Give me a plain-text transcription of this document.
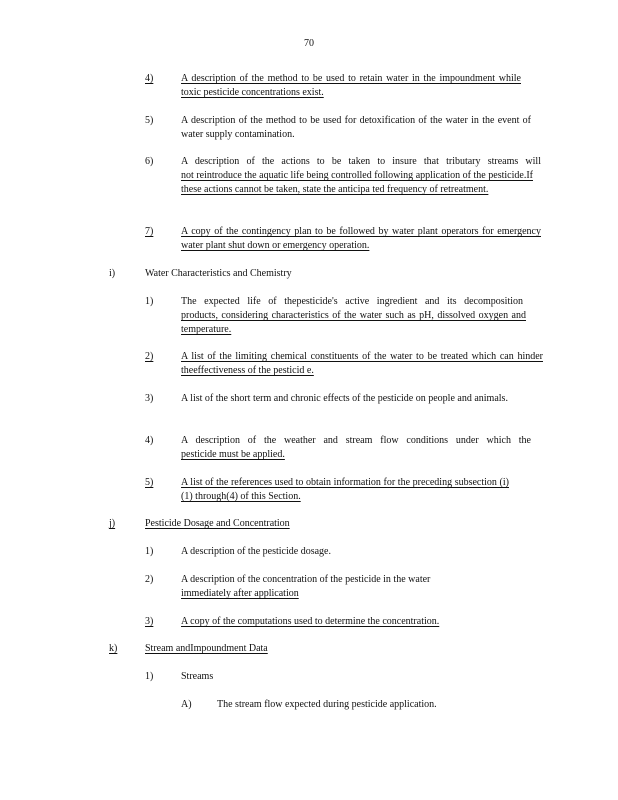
70
4)	A description of the method to be used to retain water in the impoundment while toxic pesticide concentrations exist.
5)	A description of the method to be used for detoxification of the water in the event of water supply contamination.
6)	A description of the actions to be taken to insure that tributary streams will
not reintroduce the aquatic life being controlled following application of the pesticide.If these actions cannot be taken, state the anticipa ted frequency of retreatment.
7)	A copy of the contingency plan to be followed by water plant operators for emergency water plant shut down or emergency operation.
i)	Water Characteristics and Chemistry
1)	The expected life of thepesticide's active ingredient and its decomposition
products, considering characteristics of the water such as pH, dissolved oxygen and temperature.
2)	A list of the limiting chemical constituents of the water to be treated which can hinder theeffectiveness of the pesticid e.
3)	A list of the short term and chronic effects of the pesticide on people and animals.
4)	A description of the weather and stream flow conditions under which the
pesticide must be applied.
5)	A list of the references used to obtain information for the preceding subsection (i)(1) through(4) of this Section.
j)	Pesticide Dosage and Concentration
1)	A description of the pesticide dosage.
2)	A description of the concentration of the pesticide in the water
immediately after application
3)	A copy of the computations used to determine the concentration.
k)	Stream andImpoundment Data
1)	Streams
A)	The stream flow expected during pesticide application.
